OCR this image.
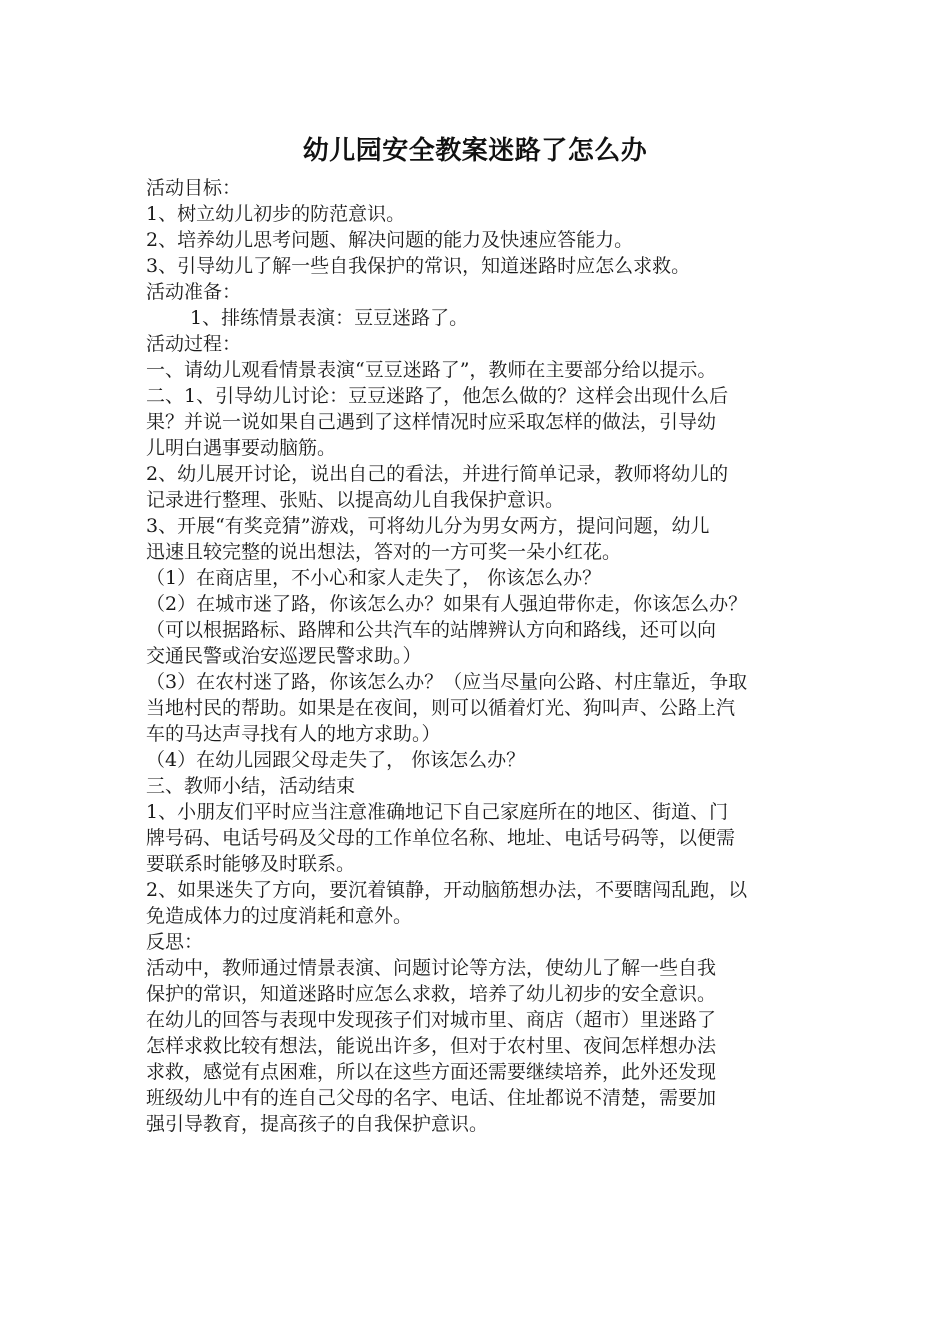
幼儿园安全教案迷路了怎么办

活动目标：

1、树立幼儿初步的防范意识。

2、培养幼儿思考问题、解决问题的能力及快速应答能力。

3、引导幼儿了解一些自我保护的常识，知道迷路时应怎么求救。

活动准备：

1、排练情景表演：豆豆迷路了。

活动过程：

一、请幼儿观看情景表演“豆豆迷路了”，教师在主要部分给以提示。

二、1、引导幼儿讨论：豆豆迷路了，他怎么做的？这样会出现什么后

果？并说一说如果自己遇到了这样情况时应采取怎样的做法，引导幼

儿明白遇事要动脑筋。

2、幼儿展开讨论，说出自己的看法，并进行简单记录，教师将幼儿的

记录进行整理、张贴、以提高幼儿自我保护意识。

3、开展“有奖竞猜”游戏，可将幼儿分为男女两方，提问问题，幼儿

迅速且较完整的说出想法，答对的一方可奖一朵小红花。

（1）在商店里，不小心和家人走失了， 你该怎么办？

（2）在城市迷了路，你该怎么办？如果有人强迫带你走，你该怎么办？

（可以根据路标、路牌和公共汽车的站牌辨认方向和路线，还可以向

交通民警或治安巡逻民警求助。）

（3）在农村迷了路，你该怎么办？（应当尽量向公路、村庄靠近，争取

当地村民的帮助。如果是在夜间，则可以循着灯光、狗叫声、公路上汽

车的马达声寻找有人的地方求助。）

（4）在幼儿园跟父母走失了， 你该怎么办？

三、教师小结，活动结束

1、小朋友们平时应当注意准确地记下自己家庭所在的地区、街道、门

牌号码、电话号码及父母的工作单位名称、地址、电话号码等，以便需

要联系时能够及时联系。

2、如果迷失了方向，要沉着镇静，开动脑筋想办法，不要瞎闯乱跑，以

免造成体力的过度消耗和意外。

反思：

活动中，教师通过情景表演、问题讨论等方法，使幼儿了解一些自我

保护的常识，知道迷路时应怎么求救，培养了幼儿初步的安全意识。

在幼儿的回答与表现中发现孩子们对城市里、商店（超市）里迷路了

怎样求救比较有想法，能说出许多，但对于农村里、夜间怎样想办法

求救，感觉有点困难，所以在这些方面还需要继续培养，此外还发现

班级幼儿中有的连自己父母的名字、电话、住址都说不清楚，需要加

强引导教育，提高孩子的自我保护意识。
